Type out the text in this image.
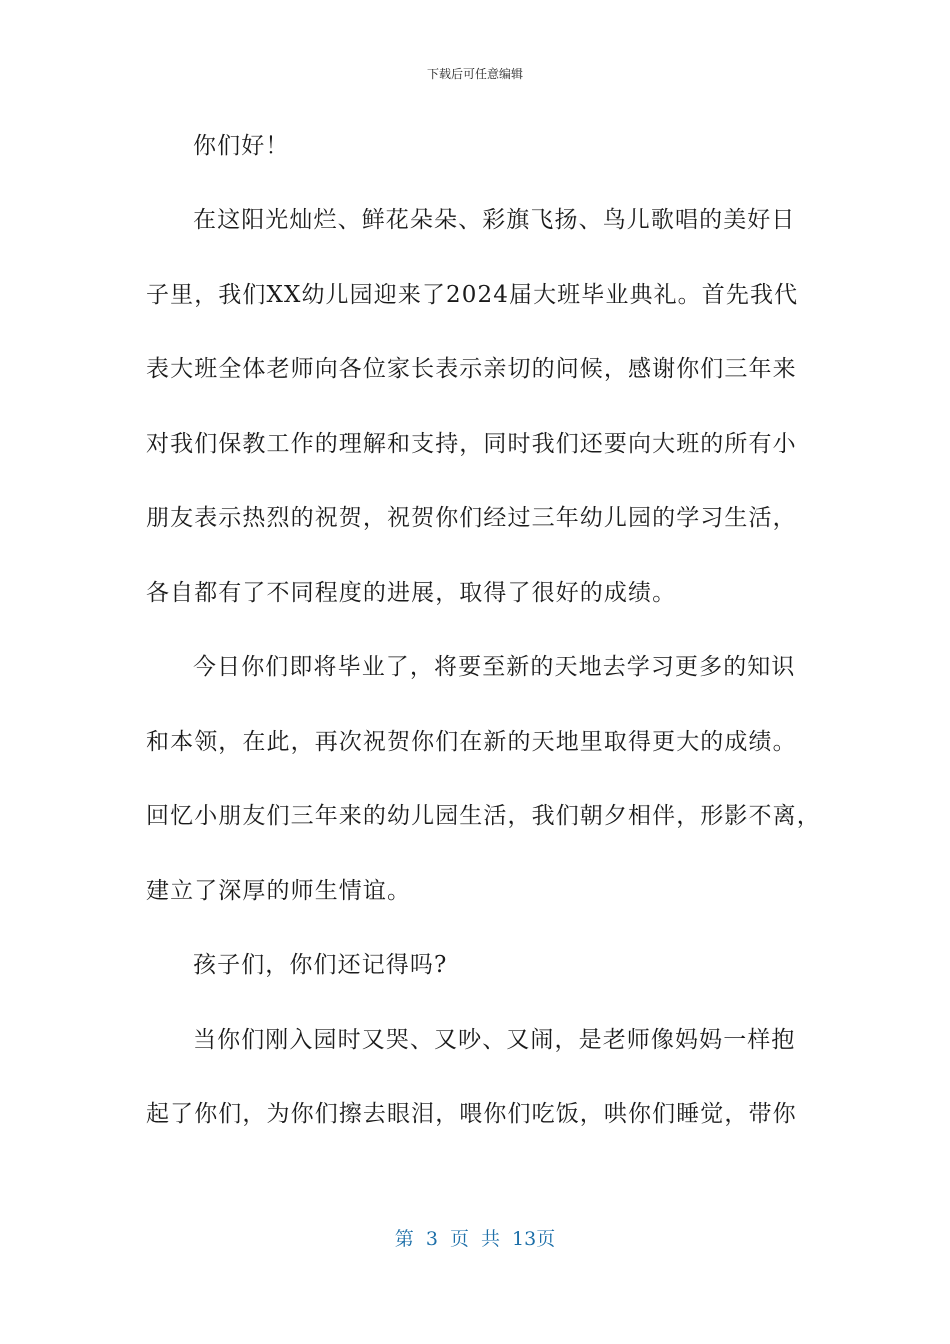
下载后可任意编辑
你们好！
在这阳光灿烂、鲜花朵朵、彩旗飞扬、鸟儿歌唱的美好日
子里，我们XX幼儿园迎来了2024届大班毕业典礼。首先我代
表大班全体老师向各位家长表示亲切的问候，感谢你们三年来
对我们保教工作的理解和支持，同时我们还要向大班的所有小
朋友表示热烈的祝贺，祝贺你们经过三年幼儿园的学习生活，
各自都有了不同程度的进展，取得了很好的成绩。
今日你们即将毕业了，将要至新的天地去学习更多的知识
和本领，在此，再次祝贺你们在新的天地里取得更大的成绩。
回忆小朋友们三年来的幼儿园生活，我们朝夕相伴，形影不离，
建立了深厚的师生情谊。
孩子们，你们还记得吗?
当你们刚入园时又哭、又吵、又闹，是老师像妈妈一样抱
起了你们，为你们擦去眼泪，喂你们吃饭，哄你们睡觉，带你
第 3 页 共 13页
